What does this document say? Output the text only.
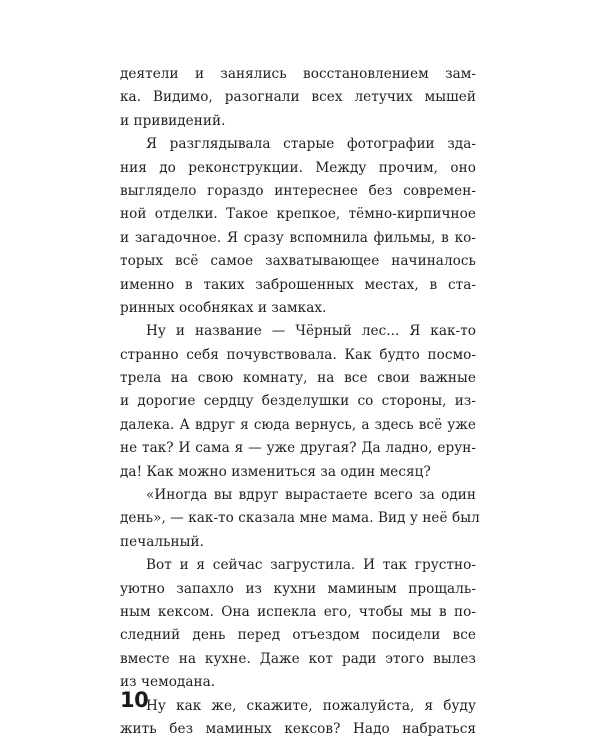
деятели и занялись восстановлением зам-
ка. Видимо, разогнали всех летучих мышей
и привидений.
Я разглядывала старые фотографии зда-
ния до реконструкции. Между прочим, оно
выглядело гораздо интереснее без современ-
ной отделки. Такое крепкое, тёмно-кирпичное
и загадочное. Я сразу вспомнила фильмы, в ко-
торых всё самое захватывающее начиналось
именно в таких заброшенных местах, в ста-
ринных особняках и замках.
Ну и название — Чёрный лес... Я как-то
странно себя почувствовала. Как будто посмо-
трела на свою комнату, на все свои важные
и дорогие сердцу безделушки со стороны, из-
далека. А вдруг я сюда вернусь, а здесь всё уже
не так? И сама я — уже другая? Да ладно, ерун-
да! Как можно измениться за один месяц?
«Иногда вы вдруг вырастаете всего за один
день», — как-то сказала мне мама. Вид у неё был
печальный.
Вот и я сейчас загрустила. И так грустно-
уютно запахло из кухни маминым прощаль-
ным кексом. Она испекла его, чтобы мы в по-
следний день перед отъездом посидели все
вместе на кухне. Даже кот ради этого вылез
из чемодана.
Ну как же, скажите, пожалуйста, я буду
жить без маминых кексов? Надо набраться
10
